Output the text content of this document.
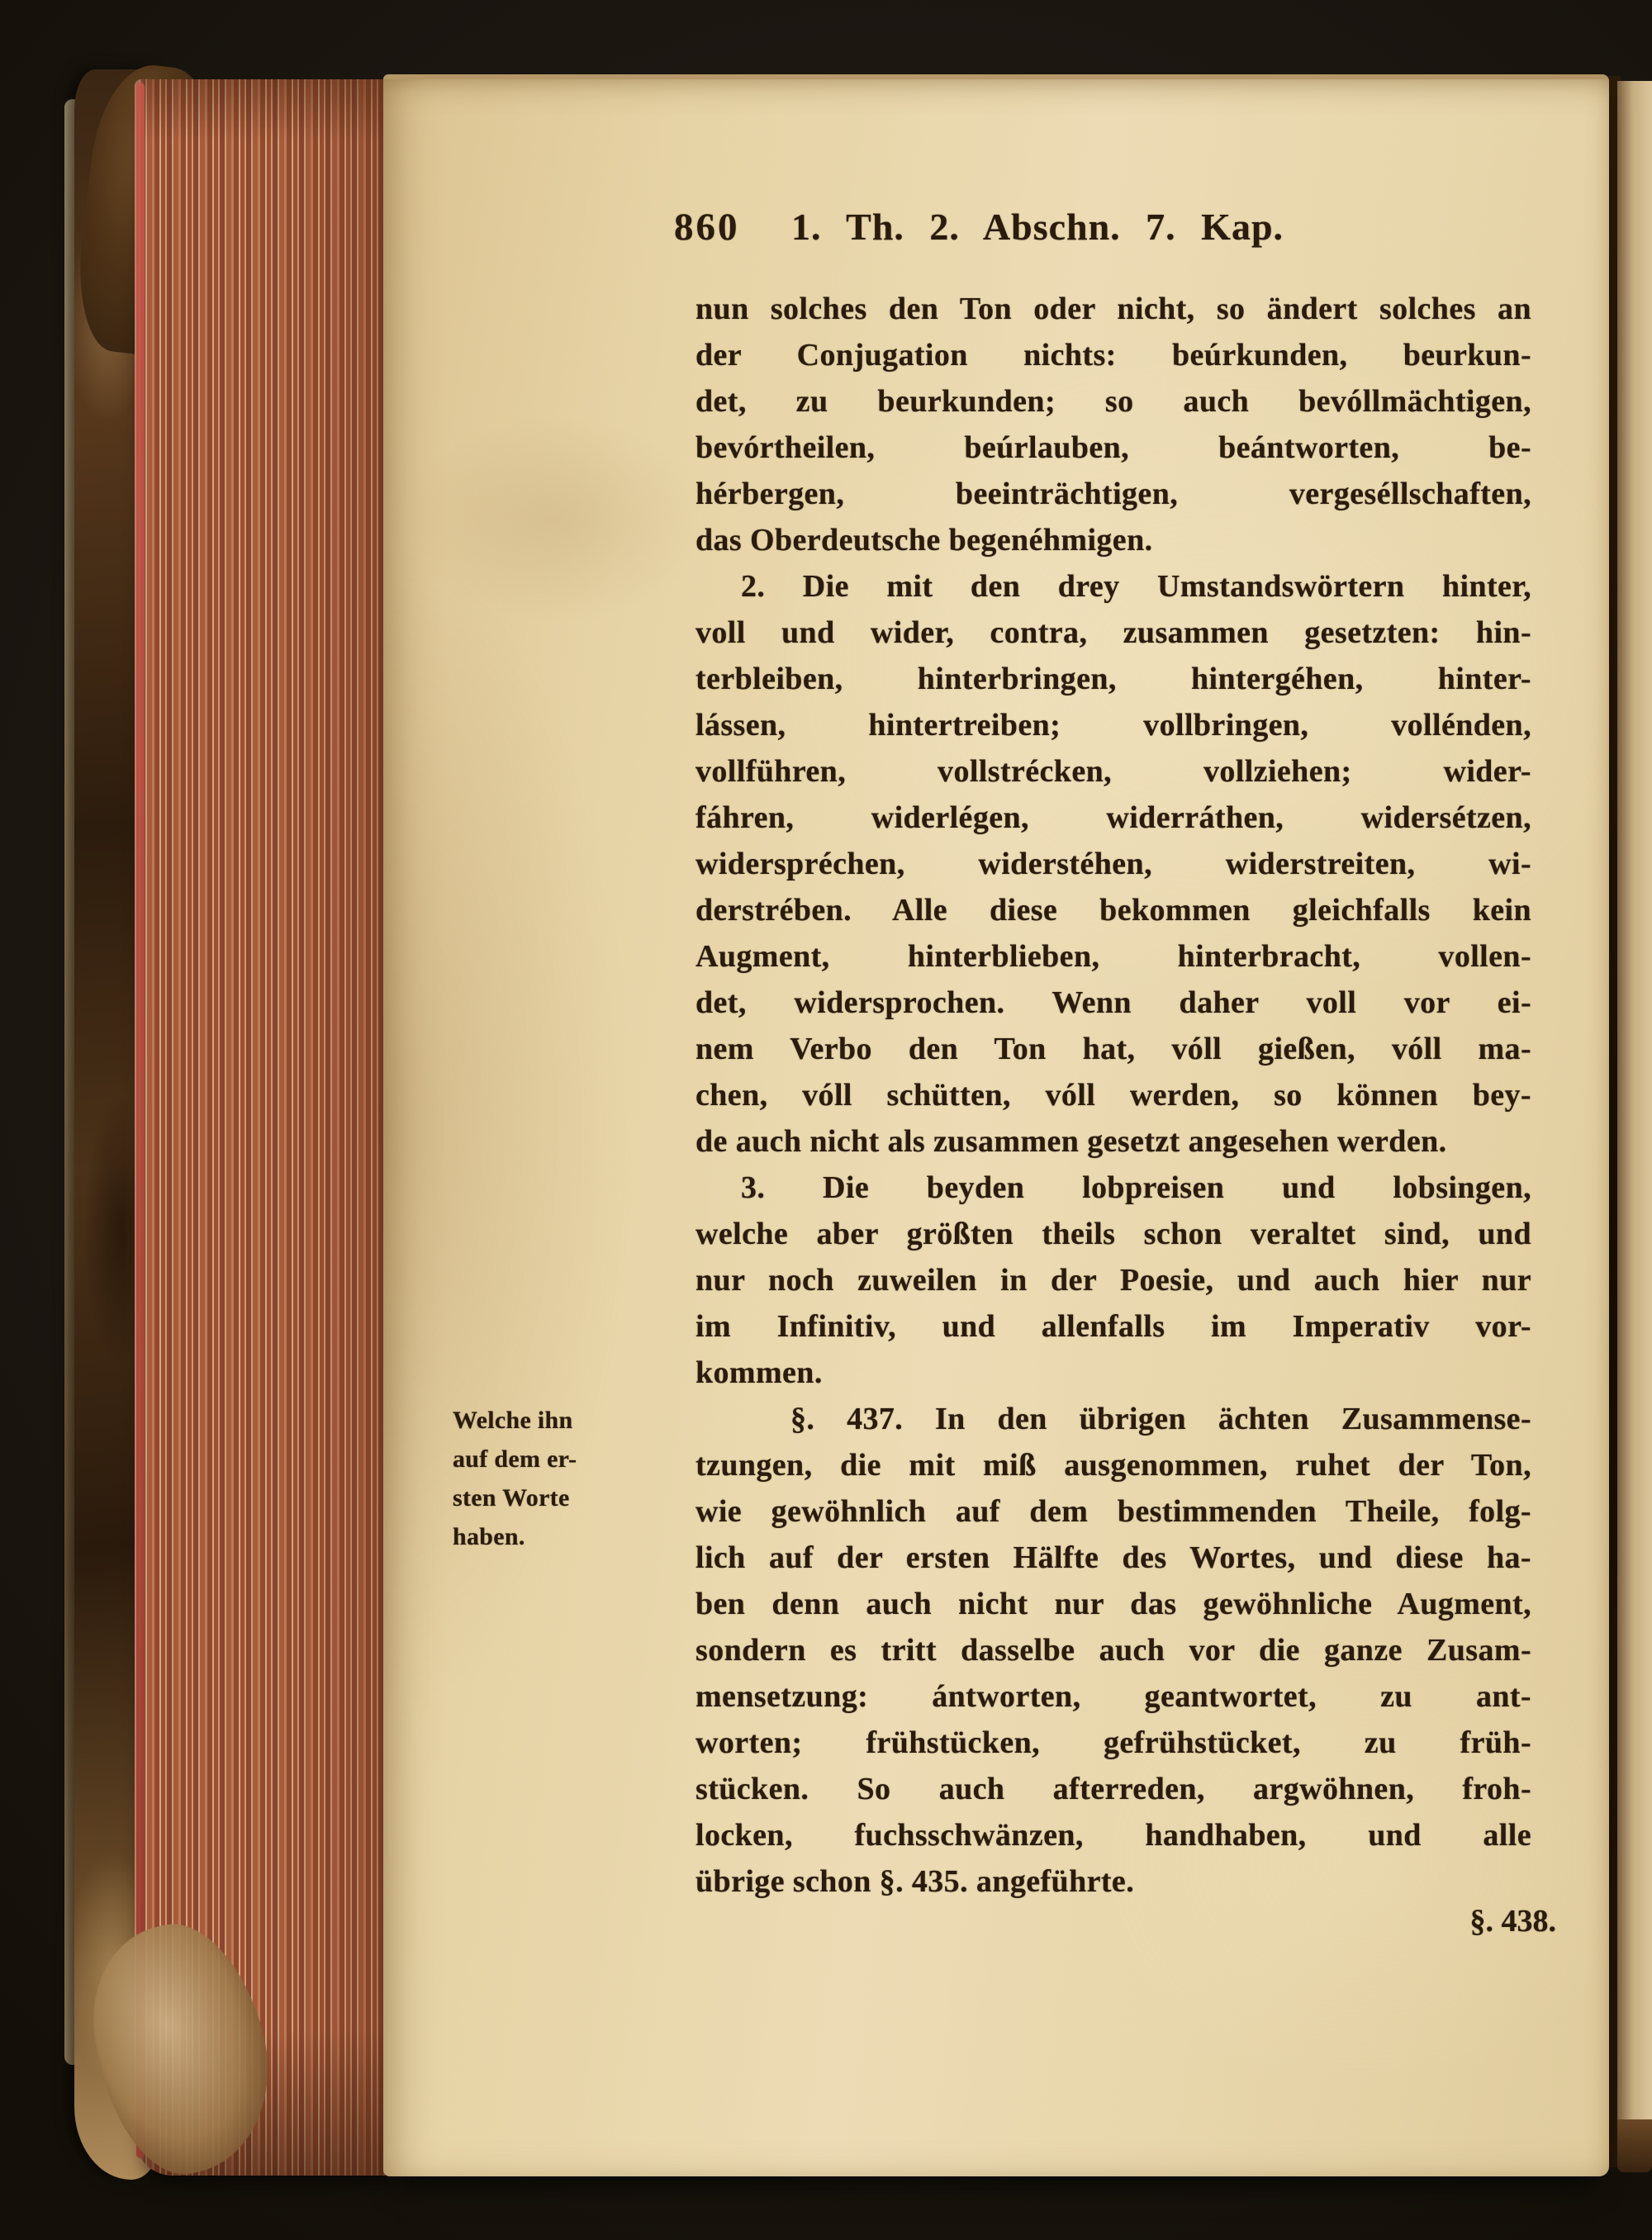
860 1. Th. 2. Abschn. 7. Kap.
Welche ihn
auf dem er-
sten Worte
haben.
nun solches den Ton oder nicht, so ändert solches an
der Conjugation nichts: beúrkunden, beurkun-
det, zu beurkunden; so auch bevóllmächtigen,
bevórtheilen, beúrlauben, beántworten, be-
hérbergen, beeinträchtigen, vergeséllschaften,
das Oberdeutsche begenéhmigen.
2. Die mit den drey Umstandswörtern hinter,
voll und wider, contra, zusammen gesetzten: hin-
terbleiben, hinterbringen, hintergéhen, hinter-
lássen, hintertreiben; vollbringen, vollénden,
vollführen, vollstrécken, vollziehen; wider-
fáhren, widerlégen, widerráthen, widersétzen,
widerspréchen, widerstéhen, widerstreiten, wi-
derstrében. Alle diese bekommen gleichfalls kein
Augment, hinterblieben, hinterbracht, vollen-
det, widersprochen. Wenn daher voll vor ei-
nem Verbo den Ton hat, vóll gießen, vóll ma-
chen, vóll schütten, vóll werden, so können bey-
de auch nicht als zusammen gesetzt angesehen werden.
3. Die beyden lobpreisen und lobsingen,
welche aber größten theils schon veraltet sind, und
nur noch zuweilen in der Poesie, und auch hier nur
im Infinitiv, und allenfalls im Imperativ vor-
kommen.
§. 437. In den übrigen ächten Zusammense-
tzungen, die mit miß ausgenommen, ruhet der Ton,
wie gewöhnlich auf dem bestimmenden Theile, folg-
lich auf der ersten Hälfte des Wortes, und diese ha-
ben denn auch nicht nur das gewöhnliche Augment,
sondern es tritt dasselbe auch vor die ganze Zusam-
mensetzung: ántworten, geantwortet, zu ant-
worten; frühstücken, gefrühstücket, zu früh-
stücken. So auch afterreden, argwöhnen, froh-
locken, fuchsschwänzen, handhaben, und alle
übrige schon §. 435. angeführte.
§. 438.
